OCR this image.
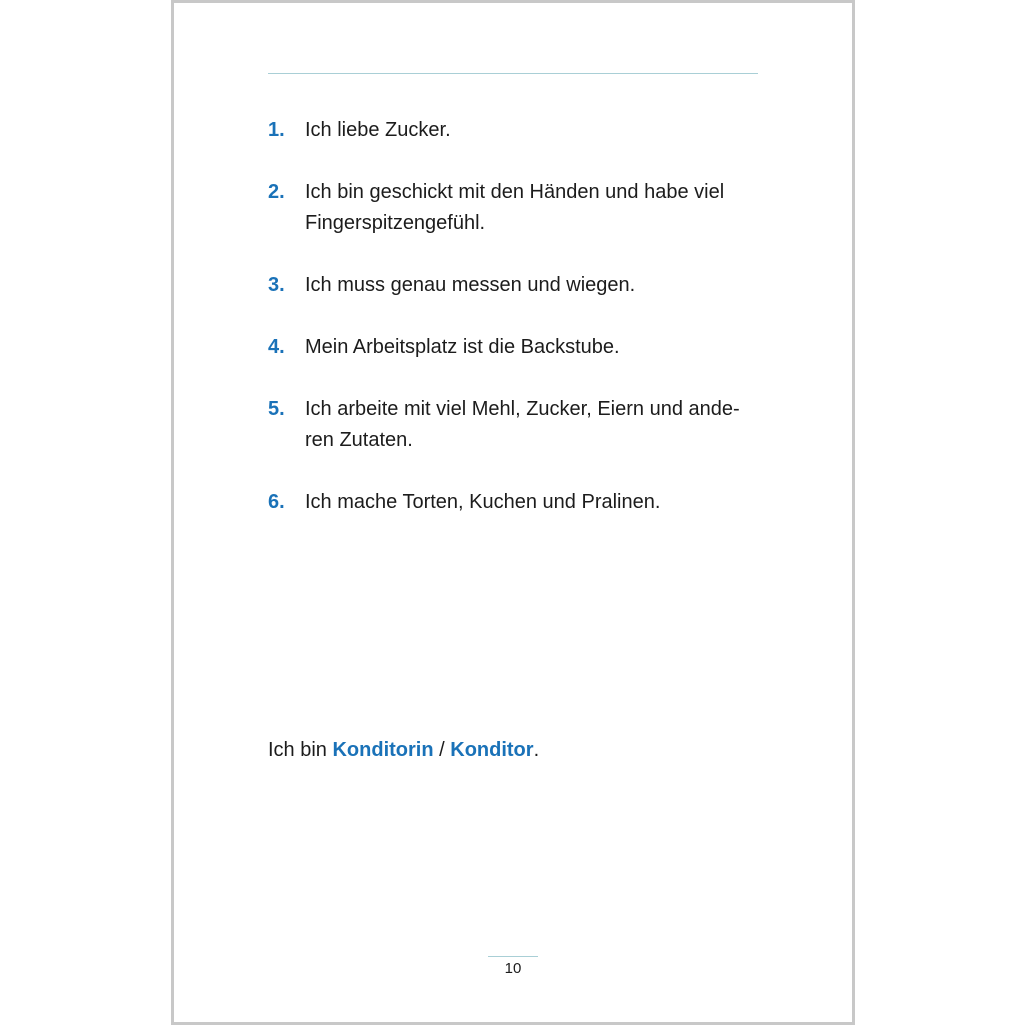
1.	Ich liebe Zucker.
2.	Ich bin geschickt mit den Händen und habe viel
Fingerspitzengefühl.
3.	Ich muss genau messen und wiegen.
4.	Mein Arbeitsplatz ist die Backstube.
5.	Ich arbeite mit viel Mehl, Zucker, Eiern und ande-
ren Zutaten.
6.	Ich mache Torten, Kuchen und Pralinen.

Ich bin Konditorin / Konditor.

10
